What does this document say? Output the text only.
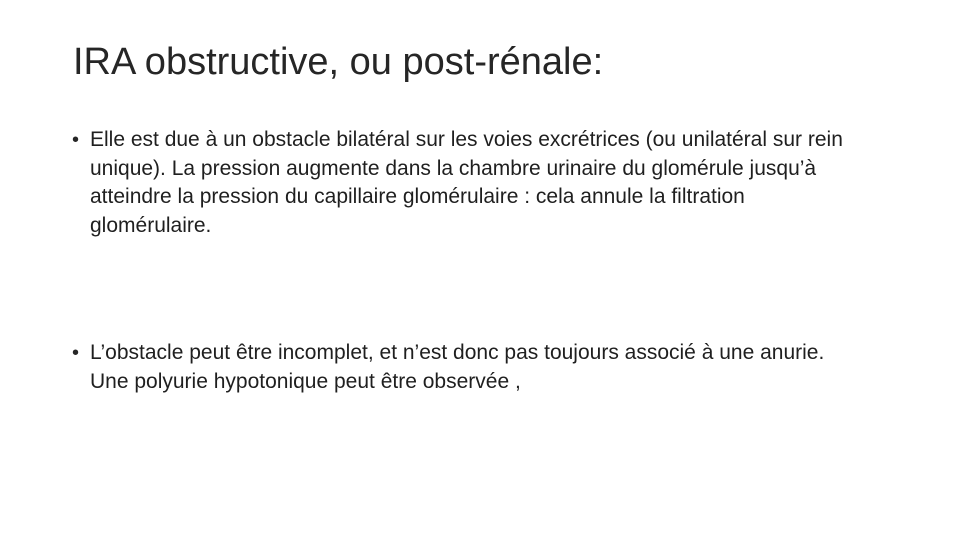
IRA obstructive, ou post-rénale:
• Elle est due à un obstacle bilatéral sur les voies excrétrices (ou unilatéral sur rein unique). La pression augmente dans la chambre urinaire du glomérule jusqu’à atteindre la pression du capillaire glomérulaire : cela annule la filtration glomérulaire.

• L’obstacle peut être incomplet, et n’est donc pas toujours associé à une anurie. Une polyurie hypotonique peut être observée ,
